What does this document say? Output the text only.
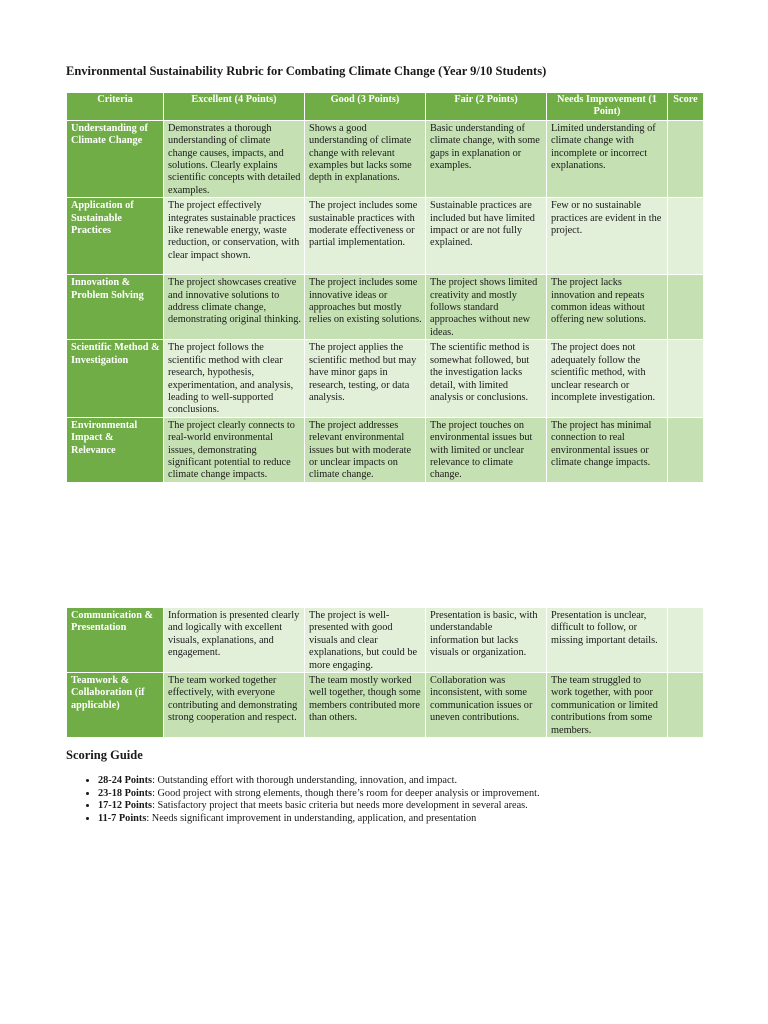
Environmental Sustainability Rubric for Combating Climate Change (Year 9/10 Students)
Criteria	Excellent (4 Points)	Good (3 Points)	Fair (2 Points)	Needs Improvement (1 Point)	Score
Understanding of Climate Change	Demonstrates a thorough understanding of climate change causes, impacts, and solutions. Clearly explains scientific concepts with detailed examples.	Shows a good understanding of climate change with relevant examples but lacks some depth in explanations.	Basic understanding of climate change, with some gaps in explanation or examples.	Limited understanding of climate change with incomplete or incorrect explanations.	
Application of Sustainable Practices	The project effectively integrates sustainable practices like renewable energy, waste reduction, or conservation, with clear impact shown.	The project includes some sustainable practices with moderate effectiveness or partial implementation.	Sustainable practices are included but have limited impact or are not fully explained.	Few or no sustainable practices are evident in the project.	
Innovation & Problem Solving	The project showcases creative and innovative solutions to address climate change, demonstrating original thinking.	The project includes some innovative ideas or approaches but mostly relies on existing solutions.	The project shows limited creativity and mostly follows standard approaches without new ideas.	The project lacks innovation and repeats common ideas without offering new solutions.	
Scientific Method & Investigation	The project follows the scientific method with clear research, hypothesis, experimentation, and analysis, leading to well-supported conclusions.	The project applies the scientific method but may have minor gaps in research, testing, or data analysis.	The scientific method is somewhat followed, but the investigation lacks detail, with limited analysis or conclusions.	The project does not adequately follow the scientific method, with unclear research or incomplete investigation.	
Environmental Impact & Relevance	The project clearly connects to real-world environmental issues, demonstrating significant potential to reduce climate change impacts.	The project addresses relevant environmental issues but with moderate or unclear impacts on climate change.	The project touches on environmental issues but with limited or unclear relevance to climate change.	The project has minimal connection to real environmental issues or climate change impacts.	
Communication & Presentation	Information is presented clearly and logically with excellent visuals, explanations, and engagement.	The project is well-presented with good visuals and clear explanations, but could be more engaging.	Presentation is basic, with understandable information but lacks visuals or organization.	Presentation is unclear, difficult to follow, or missing important details.	
Teamwork & Collaboration (if applicable)	The team worked together effectively, with everyone contributing and demonstrating strong cooperation and respect.	The team mostly worked well together, though some members contributed more than others.	Collaboration was inconsistent, with some communication issues or uneven contributions.	The team struggled to work together, with poor communication or limited contributions from some members.	
Scoring Guide
• 28-24 Points: Outstanding effort with thorough understanding, innovation, and impact.
• 23-18 Points: Good project with strong elements, though there’s room for deeper analysis or improvement.
• 17-12 Points: Satisfactory project that meets basic criteria but needs more development in several areas.
• 11-7 Points: Needs significant improvement in understanding, application, and presentation
